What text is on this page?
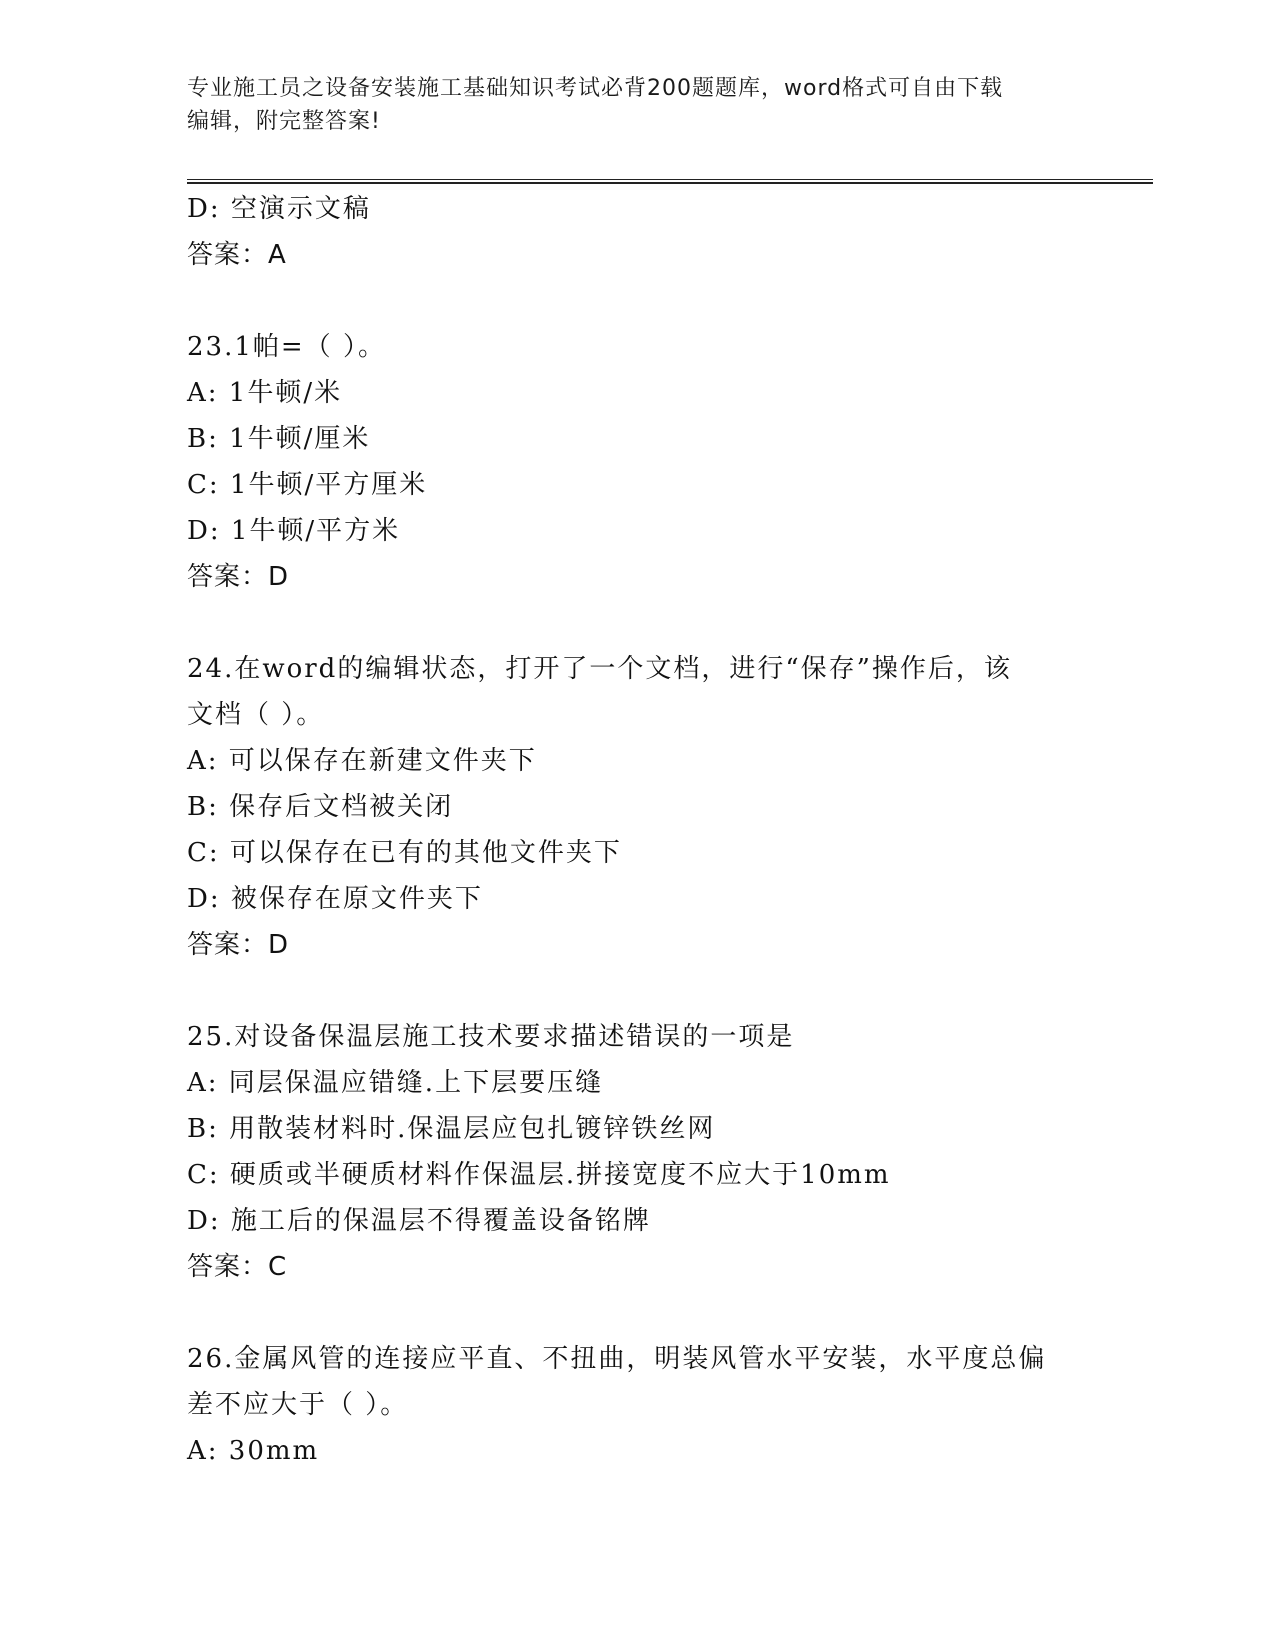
专业施工员之设备安装施工基础知识考试必背200题题库，word格式可自由下载
编辑，附完整答案!
D: 空演示文稿
答案：A
23.1帕=（ ）。
A: 1牛顿/米
B: 1牛顿/厘米
C: 1牛顿/平方厘米
D: 1牛顿/平方米
答案：D
24.在word的编辑状态，打开了一个文档，进行“保存”操作后，该
文档（ ）。
A: 可以保存在新建文件夹下
B: 保存后文档被关闭
C: 可以保存在已有的其他文件夹下
D: 被保存在原文件夹下
答案：D
25.对设备保温层施工技术要求描述错误的一项是
A: 同层保温应错缝.上下层要压缝
B: 用散装材料时.保温层应包扎镀锌铁丝网
C: 硬质或半硬质材料作保温层.拼接宽度不应大于10mm
D: 施工后的保温层不得覆盖设备铭牌
答案：C
26.金属风管的连接应平直、不扭曲，明装风管水平安装，水平度总偏
差不应大于（ ）。
A: 30mm
